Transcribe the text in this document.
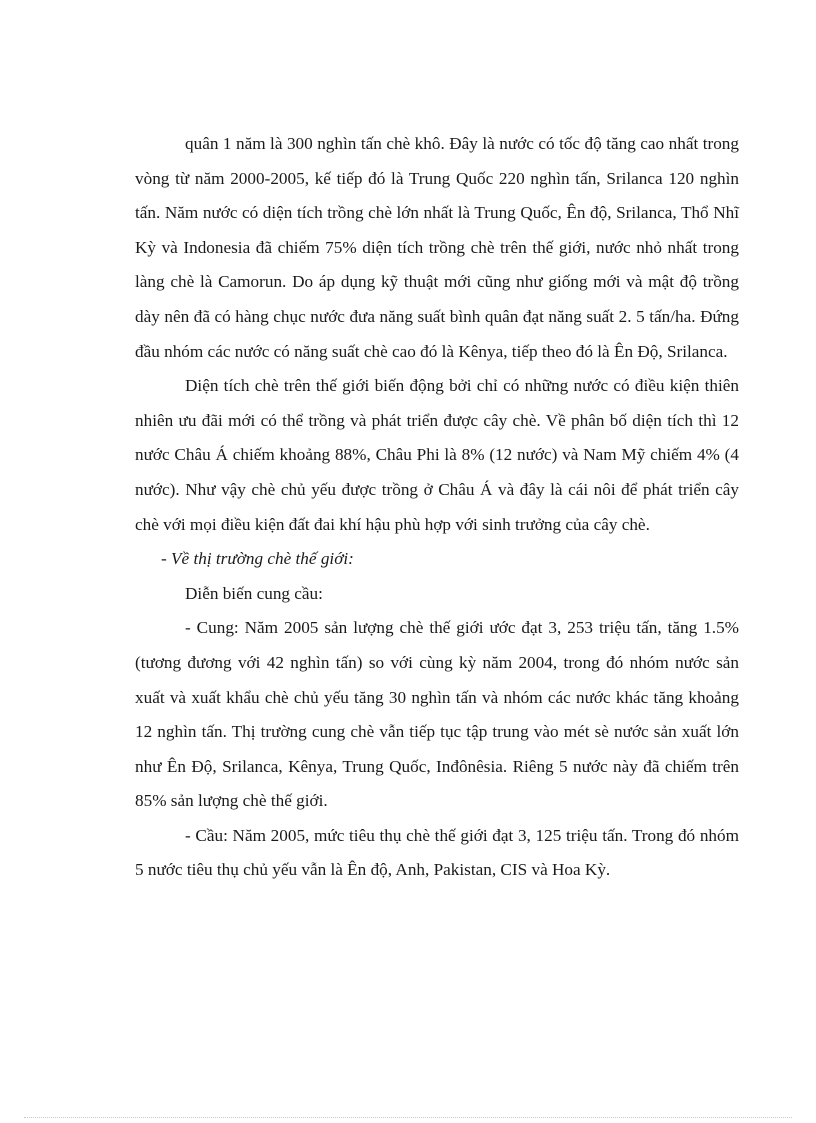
quân 1 năm là 300 nghìn tấn chè khô. Đây là nước có tốc độ tăng cao nhất trong vòng từ năm 2000-2005, kế tiếp đó là Trung Quốc 220 nghìn tấn, Srilanca 120 nghìn tấn. Năm nước có diện tích trồng chè lớn nhất là Trung Quốc, Ên độ, Srilanca, Thổ Nhĩ Kỳ và Indonesia đã chiếm 75% diện tích trồng chè trên thế giới, nước nhỏ nhất trong làng chè là Camorun. Do áp dụng kỹ thuật mới cũng như giống mới và mật độ trồng dày nên đã có hàng chục nước đưa năng suất bình quân đạt năng suất 2. 5 tấn/ha. Đứng đầu nhóm các nước có năng suất chè cao đó là Kênya, tiếp theo đó là Ên Độ, Srilanca.

Diện tích chè trên thế giới biến động bởi chỉ có những nước có điều kiện thiên nhiên ưu đãi mới có thể trồng và phát triển được cây chè. Về phân bố diện tích thì 12 nước Châu Á chiếm khoảng 88%, Châu Phi là 8% (12 nước) và Nam Mỹ chiếm 4% (4 nước). Như vậy chè chủ yếu được trồng ở Châu Á và đây là cái nôi để phát triển cây chè với mọi điều kiện đất đai khí hậu phù hợp với sinh trưởng của cây chè.

- Về thị trường chè thế giới:

Diễn biến cung cầu:

- Cung: Năm 2005 sản lượng chè thế giới ước đạt 3, 253 triệu tấn, tăng 1.5% (tương đương với 42 nghìn tấn) so với cùng kỳ năm 2004, trong đó nhóm nước sản xuất và xuất khẩu chè chủ yếu tăng 30 nghìn tấn và nhóm các nước khác tăng khoảng 12 nghìn tấn. Thị trường cung chè vẫn tiếp tục tập trung vào mét sè nước sản xuất lớn như Ên Độ, Srilanca, Kênya, Trung Quốc, Inđônêsia. Riêng 5 nước này đã chiếm trên 85% sản lượng chè thế giới.

- Cầu: Năm 2005, mức tiêu thụ chè thế giới đạt 3, 125 triệu tấn. Trong đó nhóm 5 nước tiêu thụ chủ yếu vẫn là Ên độ, Anh, Pakistan, CIS và Hoa Kỳ.
